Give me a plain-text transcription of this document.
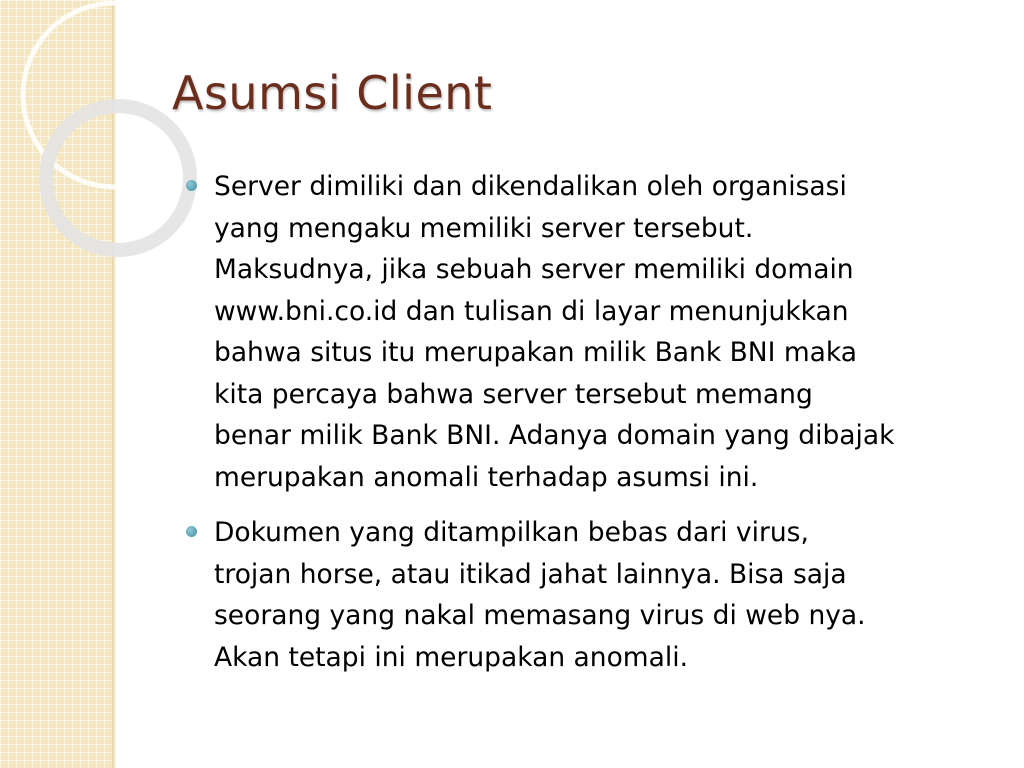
Asumsi Client
Server dimiliki dan dikendalikan oleh organisasi
yang mengaku memiliki server tersebut.
Maksudnya, jika sebuah server memiliki domain
www.bni.co.id dan tulisan di layar menunjukkan
bahwa situs itu merupakan milik Bank BNI maka
kita percaya bahwa server tersebut memang
benar milik Bank BNI. Adanya domain yang dibajak
merupakan anomali terhadap asumsi ini.
Dokumen yang ditampilkan bebas dari virus,
trojan horse, atau itikad jahat lainnya. Bisa saja
seorang yang nakal memasang virus di web nya.
Akan tetapi ini merupakan anomali.
